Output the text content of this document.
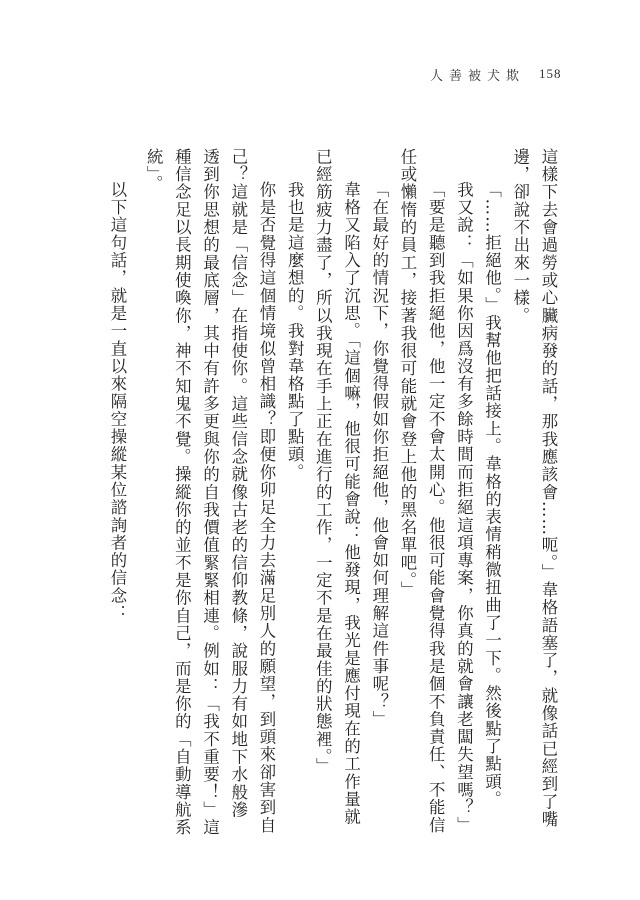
人善被犬欺 158
這樣下去會過勞或心臟病發的話，那我應該會……呃。」韋格語塞了，就像話已經到了嘴
邊，卻說不出來一樣。
「……拒絕他。」我幫他把話接上。韋格的表情稍微扭曲了一下。然後點了點頭。
我又說：「如果你因爲沒有多餘時間而拒絕這項專案，你真的就會讓老闆失望嗎？」
「要是聽到我拒絕他，他一定不會太開心。他很可能會覺得我是個不負責任、不能信
任或懶惰的員工，接著我很可能就會登上他的黑名單吧。」
「在最好的情況下，你覺得假如你拒絕他，他會如何理解這件事呢？」
韋格又陷入了沉思。「這個嘛，他很可能會說：他發現，我光是應付現在的工作量就
已經筋疲力盡了，所以我現在手上正在進行的工作，一定不是在最佳的狀態裡。」
我也是這麼想的。我對韋格點了點頭。
你是否覺得這個情境似曾相識？即便你卯足全力去滿足別人的願望，到頭來卻害到自
己？這就是「信念」在指使你。這些信念就像古老的信仰教條，說服力有如地下水般滲
透到你思想的最底層，其中有許多更與你的自我價值緊緊相連。例如：「我不重要！」這
種信念足以長期使喚你，神不知鬼不覺。操縱你的並不是你自己，而是你的「自動導航系
統」。
以下這句話，就是一直以來隔空操縱某位諮詢者的信念：
